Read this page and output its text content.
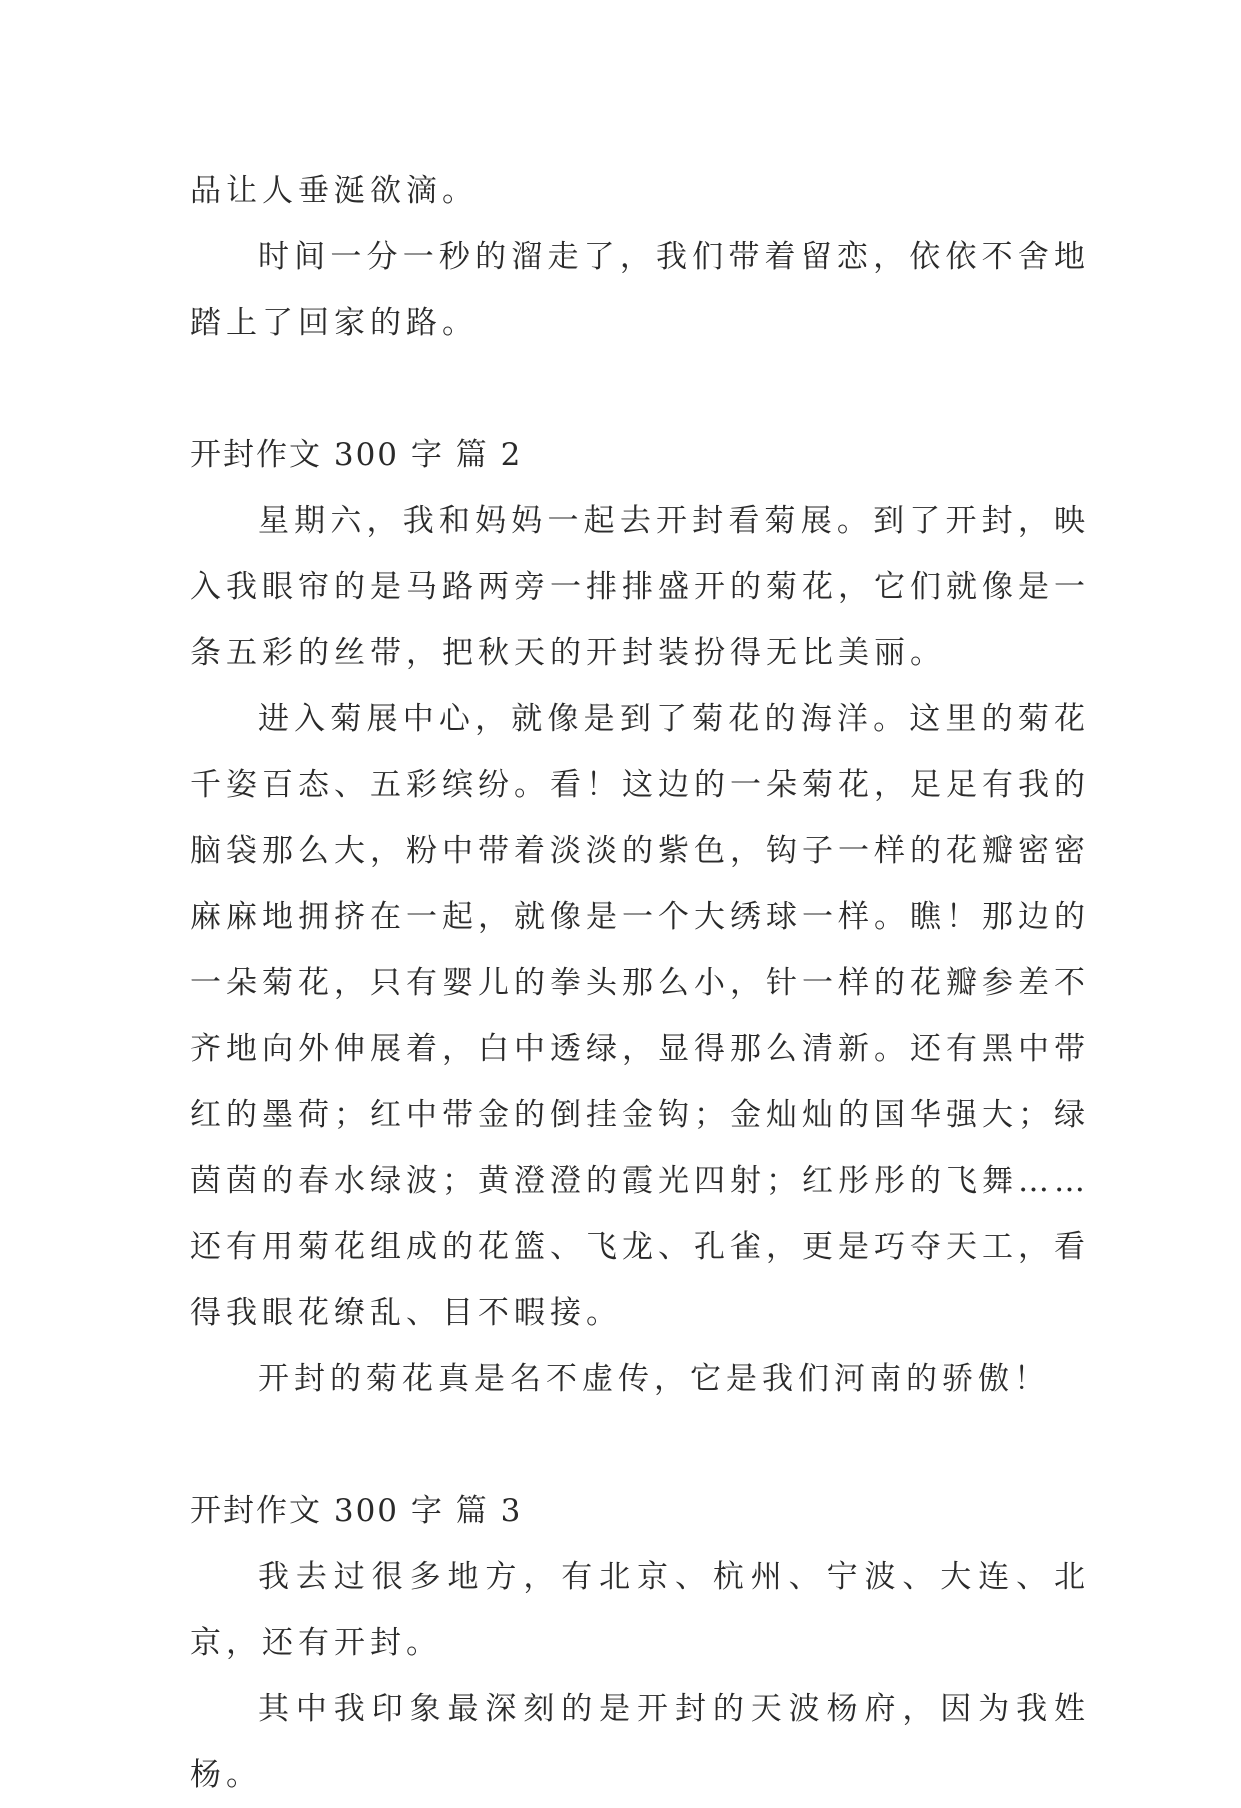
品让人垂涎欲滴。

时间一分一秒的溜走了，我们带着留恋，依依不舍地踏上了回家的路。

开封作文 300 字 篇 2

星期六，我和妈妈一起去开封看菊展。到了开封，映入我眼帘的是马路两旁一排排盛开的菊花，它们就像是一条五彩的丝带，把秋天的开封装扮得无比美丽。

进入菊展中心，就像是到了菊花的海洋。这里的菊花千姿百态、五彩缤纷。看！这边的一朵菊花，足足有我的脑袋那么大，粉中带着淡淡的紫色，钩子一样的花瓣密密麻麻地拥挤在一起，就像是一个大绣球一样。瞧！那边的一朵菊花，只有婴儿的拳头那么小，针一样的花瓣参差不齐地向外伸展着，白中透绿，显得那么清新。还有黑中带红的墨荷；红中带金的倒挂金钩；金灿灿的国华强大；绿茵茵的春水绿波；黄澄澄的霞光四射；红彤彤的飞舞……还有用菊花组成的花篮、飞龙、孔雀，更是巧夺天工，看得我眼花缭乱、目不暇接。

开封的菊花真是名不虚传，它是我们河南的骄傲！

开封作文 300 字 篇 3

我去过很多地方，有北京、杭州、宁波、大连、北京，还有开封。

其中我印象最深刻的是开封的天波杨府，因为我姓杨。
